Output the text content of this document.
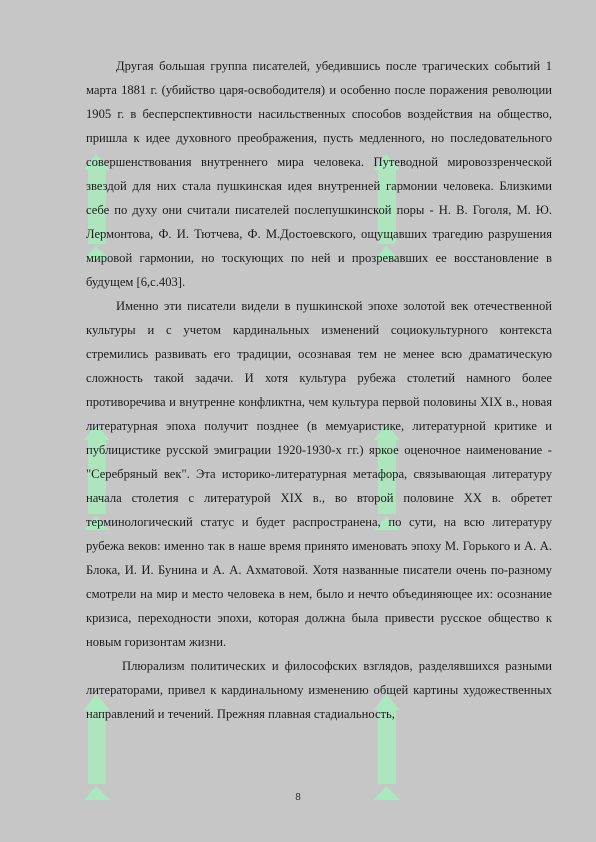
Другая большая группа писателей, убедившись после трагических событий 1 марта 1881 г. (убийство царя-освободителя) и особенно после поражения революции 1905 г. в бесперспективности насильственных способов воздействия на общество, пришла к идее духовного преображения, пусть медленного, но последовательного совершенствования внутреннего мира человека. Путеводной мировоззренческой звездой для них стала пушкинская идея внутренней гармонии человека. Близкими себе по духу они считали писателей послепушкинской поры - Н. В. Гоголя, М. Ю. Лермонтова, Ф. И. Тютчева, Ф. М.Достоевского, ощущавших трагедию разрушения мировой гармонии, но тоскующих по ней и прозревавших ее восстановление в будущем [6,с.403].

Именно эти писатели видели в пушкинской эпохе золотой век отечественной культуры и с учетом кардинальных изменений социокультурного контекста стремились развивать его традиции, осознавая тем не менее всю драматическую сложность такой задачи. И хотя культура рубежа столетий намного более противоречива и внутренне конфликтна, чем культура первой половины XIX в., новая литературная эпоха получит позднее (в мемуаристике, литературной критике и публицистике русской эмиграции 1920-1930-х гг.) яркое оценочное наименование - "Серебряный век". Эта историко-литературная метафора, связывающая литературу начала столетия с литературой XIX в., во второй половине XX в. обретет терминологический статус и будет распространена, по сути, на всю литературу рубежа веков: именно так в наше время принято именовать эпоху М. Горького и А. А. Блока, И. И. Бунина и А. А. Ахматовой. Хотя названные писатели очень по-разному смотрели на мир и место человека в нем, было и нечто объединяющее их: осознание кризиса, переходности эпохи, которая должна была привести русское общество к новым горизонтам жизни.

Плюрализм политических и философских взглядов, разделявшихся разными литераторами, привел к кардинальному изменению общей картины художественных направлений и течений. Прежняя плавная стадиальность,

8
